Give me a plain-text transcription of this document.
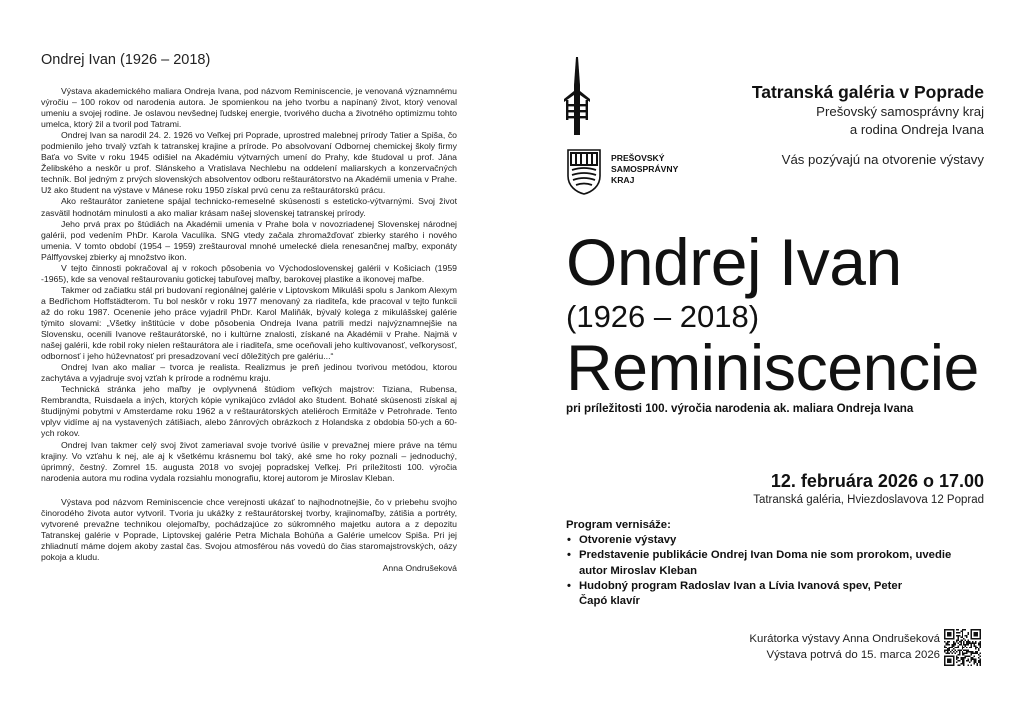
Ondrej Ivan (1926 – 2018)

Výstava akademického maliara Ondreja Ivana, pod názvom Reminiscencie, je venovaná významnému výročiu – 100 rokov od narodenia autora. Je spomienkou na jeho tvorbu a napínaný život, ktorý venoval umeniu a svojej rodine. Je oslavou nevšednej ľudskej energie, tvorivého ducha a životného optimizmu tohto umelca, ktorý žil a tvoril pod Tatrami.

Ondrej Ivan sa narodil 24. 2. 1926 vo Veľkej pri Poprade, uprostred malebnej prírody Tatier a Spiša, čo podmienilo jeho trvalý vzťah k tatranskej krajine a prírode. Po absolvovaní Odbornej chemickej školy firmy Baťa vo Svite v roku 1945 odišiel na Akadémiu výtvarných umení do Prahy, kde študoval u prof. Jána Želibského a neskôr u prof. Slánskeho a Vratislava Nechlebu na oddelení maliarskych a konzervačných techník. Bol jedným z prvých slovenských absolventov odboru reštaurátorstvo na Akadémii umenia v Prahe. Už ako študent na výstave v Mánese roku 1950 získal prvú cenu za reštaurátorskú prácu.

Ako reštaurátor zanietene spájal technicko-remeselné skúsenosti s esteticko-výtvarnými. Svoj život zasvätil hodnotám minulosti a ako maliar krásam našej slovenskej tatranskej prírody.

Jeho prvá prax po štúdiách na Akadémii umenia v Prahe bola v novozriadenej Slovenskej národnej galérii, pod vedením PhDr. Karola Vaculíka. SNG vtedy začala zhromažďovať zbierky starého i nového umenia. V tomto období (1954 – 1959) zreštauroval mnohé umelecké diela renesančnej maľby, exponáty Pálffyovskej zbierky aj množstvo ikon.

V tejto činnosti pokračoval aj v rokoch pôsobenia vo Východoslovenskej galérii v Košiciach (1959 -1965), kde sa venoval reštaurovaniu gotickej tabuľovej maľby, barokovej plastike a ikonovej maľbe.

Takmer od začiatku stál pri budovaní regionálnej galérie v Liptovskom Mikuláši spolu s Jankom Alexym a Bedřichom Hoffstädterom. Tu bol neskôr v roku 1977 menovaný za riaditeľa, kde pracoval v tejto funkcii až do roku 1987. Ocenenie jeho práce vyjadril PhDr. Karol Maliňák, bývalý kolega z mikulášskej galérie týmito slovami: „Všetky inštitúcie v dobe pôsobenia Ondreja Ivana patrili medzi najvýznamnejšie na Slovensku, ocenili Ivanove reštaurátorské, no i kultúrne znalosti, získané na Akadémii v Prahe. Najmä v našej galérii, kde robil roky nielen reštaurátora ale i riaditeľa, sme oceňovali jeho kultivovanosť, veľkorysosť, odbornosť i jeho húževnatosť pri presadzovaní vecí dôležitých pre galériu...“

Ondrej Ivan ako maliar – tvorca je realista. Realizmus je preň jedinou tvorivou metódou, ktorou zachytáva a vyjadruje svoj vzťah k prírode a rodnému kraju.

Technická stránka jeho maľby je ovplyvnená štúdiom veľkých majstrov: Tiziana, Rubensa, Rembrandta, Ruisdaela a iných, ktorých kópie vynikajúco zvládol ako študent. Bohaté skúsenosti získal aj študijnými pobytmi v Amsterdame roku 1962 a v reštaurátorských ateliéroch Ermitáže v Petrohrade. Tento vplyv vidíme aj na vystavených zátišiach, alebo žánrových obrázkoch z Holandska z obdobia 50-ych a 60-ych rokov.

Ondrej Ivan takmer celý svoj život zameriaval svoje tvorivé úsilie v prevažnej miere práve na tému krajiny. Vo vzťahu k nej, ale aj k všetkému krásnemu bol taký, aké sme ho roky poznali – jednoduchý, úprimný, čestný. Zomrel 15. augusta 2018 vo svojej popradskej Veľkej. Pri príležitosti 100. výročia narodenia autora mu rodina vydala rozsiahlu monografiu, ktorej autorom je Miroslav Kleban.

Výstava pod názvom Reminiscencie chce verejnosti ukázať to najhodnotnejšie, čo v priebehu svojho činorodého života autor vytvoril. Tvoria ju ukážky z reštaurátorskej tvorby, krajinomaľby, zátišia a portréty, vytvorené prevažne technikou olejomaľby, pochádzajúce zo súkromného majetku autora a z depozitu Tatranskej galérie v Poprade, Liptovskej galérie Petra Michala Bohúňa a Galérie umelcov Spiša. Pri jej zhliadnutí máme dojem akoby zastal čas. Svojou atmosférou nás vovedú do čias staromajstrovských, oázy pokoja a kludu.

Anna Ondrušeková

PREŠOVSKÝ
SAMOSPRÁVNY
KRAJ
Tatranská galéria v Poprade
Prešovský samosprávny kraj
a rodina Ondreja Ivana
Vás pozývajú na otvorenie výstavy
Ondrej Ivan
(1926 – 2018)
Reminiscencie
pri príležitosti 100. výročia narodenia ak. maliara Ondreja Ivana
12. februára 2026 o 17.00
Tatranská galéria, Hviezdoslavova 12 Poprad
Program vernisáže:
• Otvorenie výstavy
• Predstavenie publikácie Ondrej Ivan Doma nie som prorokom, uvedie autor Miroslav Kleban
• Hudobný program Radoslav Ivan a Lívia Ivanová spev, Peter Čapó klavír
Kurátorka výstavy Anna Ondrušeková
Výstava potrvá do 15. marca 2026
